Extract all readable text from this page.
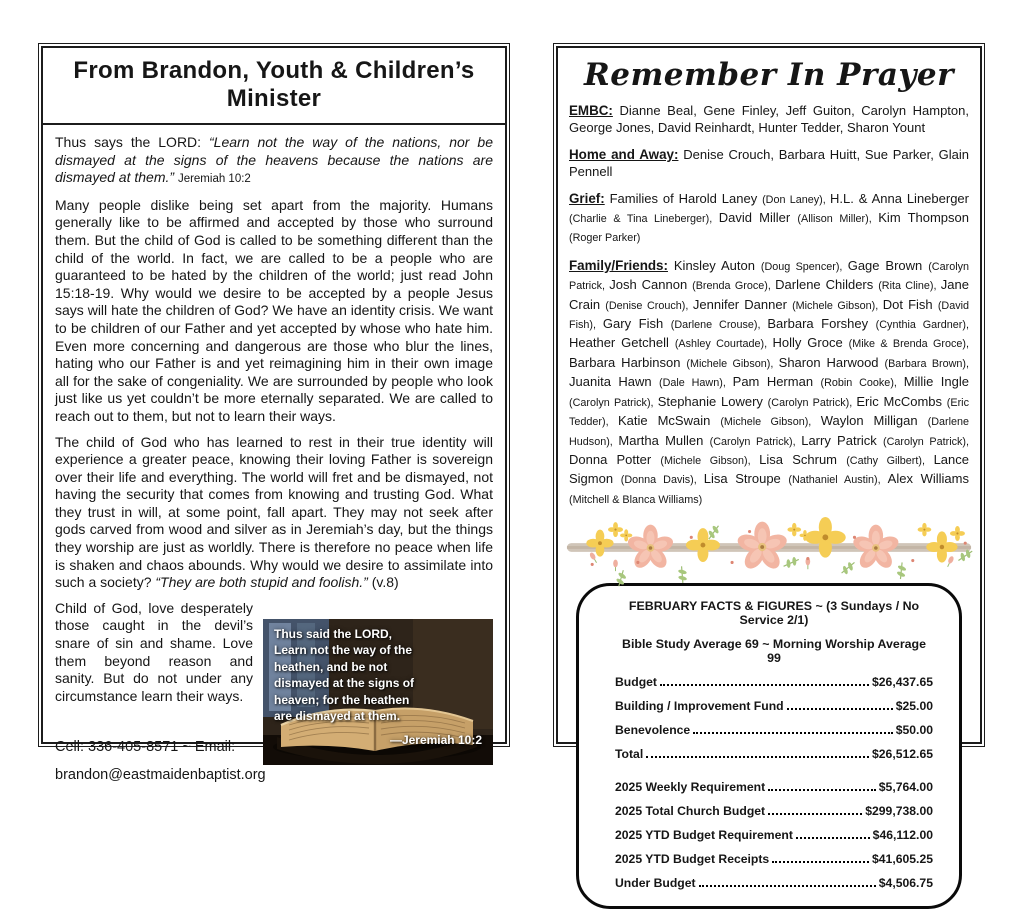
From Brandon, Youth & Children’s Minister

Thus says the LORD: “Learn not the way of the nations, nor be dismayed at the signs of the heavens because the nations are dismayed at them.” Jeremiah 10:2

Many people dislike being set apart from the majority. Humans generally like to be affirmed and accepted by those who surround them. But the child of God is called to be something different than the child of the world. In fact, we are called to be a people who are guaranteed to be hated by the children of the world; just read John 15:18-19. Why would we desire to be accepted by a people Jesus says will hate the children of God? We have an identity crisis. We want to be children of our Father and yet accepted by whose who hate him. Even more concerning and dangerous are those who blur the lines, hating who our Father is and yet reimagining him in their own image all for the sake of congeniality. We are surrounded by people who look just like us yet couldn’t be more eternally separated. We are called to reach out to them, but not to learn their ways.

The child of God who has learned to rest in their true identity will experience a greater peace, knowing their loving Father is sovereign over their life and everything. The world will fret and be dismayed, not having the security that comes from knowing and trusting God. What they trust in will, at some point, fall apart. They may not seek after gods carved from wood and silver as in Jeremiah’s day, but the things they worship are just as worldly. There is therefore no peace when life is shaken and chaos abounds. Why would we desire to assimilate into such a society? “They are both stupid and foolish.” (v.8)

Thus said the LORD,
Learn not the way of the
heathen, and be not
dismayed at the signs of
heaven; for the heathen
are dismayed at them.
—Jeremiah 10:2

Child of God, love desperately those caught in the devil’s snare of sin and shame. Love them beyond reason and sanity. But do not under any circumstance learn their ways.

Cell: 336-405-8571 ~ Email:
brandon@eastmaidenbaptist.org

Remember In Prayer

EMBC: Dianne Beal, Gene Finley, Jeff Guiton, Carolyn Hampton, George Jones, David Reinhardt, Hunter Tedder, Sharon Yount

Home and Away: Denise Crouch, Barbara Huitt, Sue Parker, Glain Pennell

Grief: Families of Harold Laney (Don Laney), H.L. & Anna Lineberger (Charlie & Tina Lineberger), David Miller (Allison Miller), Kim Thompson (Roger Parker)

Family/Friends: Kinsley Auton (Doug Spencer), Gage Brown (Carolyn Patrick, Josh Cannon (Brenda Groce), Darlene Childers (Rita Cline), Jane Crain (Denise Crouch), Jennifer Danner (Michele Gibson), Dot Fish (David Fish), Gary Fish (Darlene Crouse), Barbara Forshey (Cynthia Gardner), Heather Getchell (Ashley Courtade), Holly Groce (Mike & Brenda Groce), Barbara Harbinson (Michele Gibson), Sharon Harwood (Barbara Brown), Juanita Hawn (Dale Hawn), Pam Herman (Robin Cooke), Millie Ingle (Carolyn Patrick), Stephanie Lowery (Carolyn Patrick), Eric McCombs (Eric Tedder), Katie McSwain (Michele Gibson), Waylon Milligan (Darlene Hudson), Martha Mullen (Carolyn Patrick), Larry Patrick (Carolyn Patrick), Donna Potter (Michele Gibson), Lisa Schrum (Cathy Gilbert), Lance Sigmon (Donna Davis), Lisa Stroupe (Nathaniel Austin), Alex Williams (Mitchell & Blanca Williams)

FEBRUARY FACTS & FIGURES ~ (3 Sundays / No Service 2/1)
Bible Study Average 69 ~ Morning Worship Average 99
Budget	$26,437.65
Building / Improvement Fund	$25.00
Benevolence	$50.00
Total	$26,512.65
2025 Weekly Requirement	$5,764.00
2025 Total Church Budget	$299,738.00
2025 YTD Budget Requirement	$46,112.00
2025 YTD Budget Receipts	$41,605.25
Under Budget	$4,506.75
